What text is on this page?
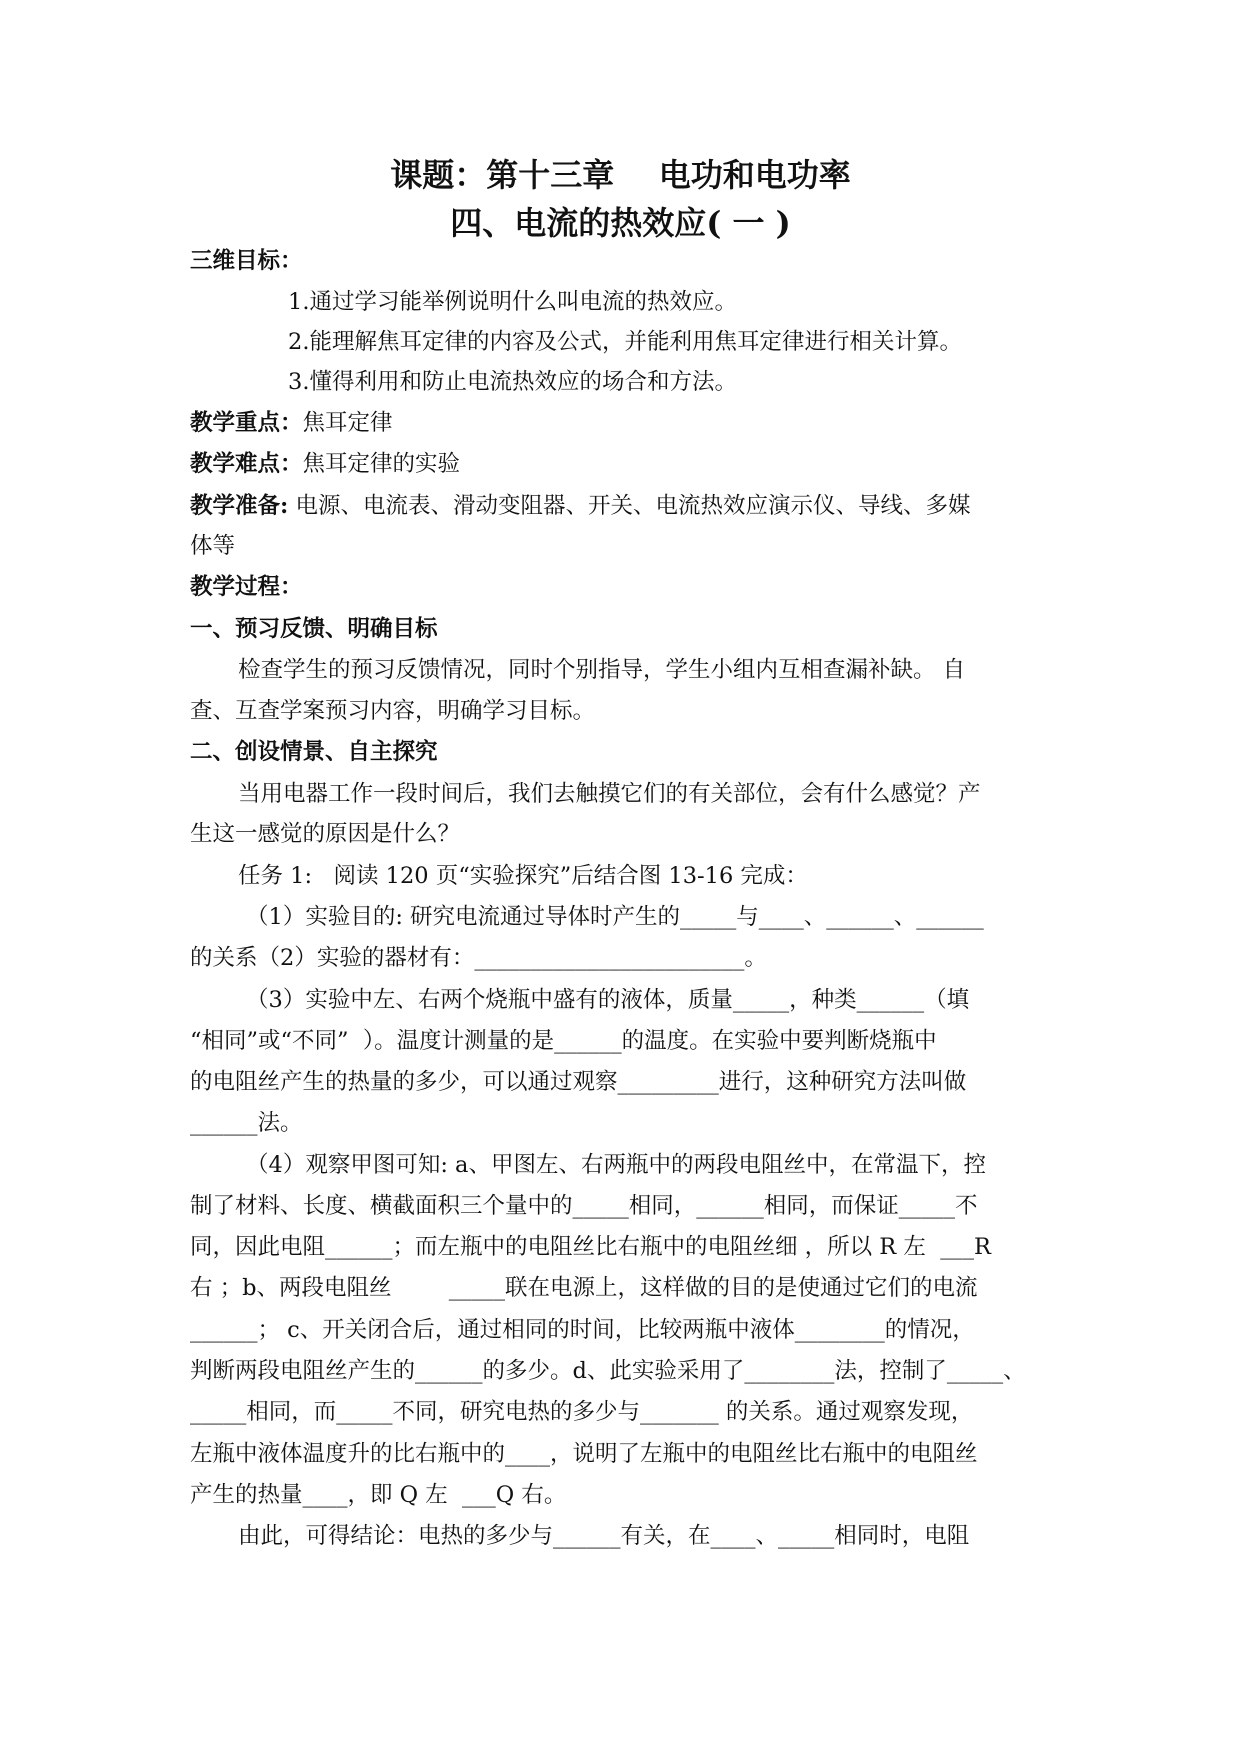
课题：第十三章    电功和电功率
四、电流的热效应( 一 )
三维目标：
1.通过学习能举例说明什么叫电流的热效应。
2.能理解焦耳定律的内容及公式，并能利用焦耳定律进行相关计算。
3.懂得利用和防止电流热效应的场合和方法。
教学重点：焦耳定律
教学难点：焦耳定律的实验
教学准备: 电源、电流表、滑动变阻器、开关、电流热效应演示仪、导线、多媒
体等
教学过程：
一、预习反馈、明确目标
检查学生的预习反馈情况，同时个别指导，学生小组内互相查漏补缺。 自
查、互查学案预习内容，明确学习目标。
二、创设情景、自主探究
当用电器工作一段时间后，我们去触摸它们的有关部位，会有什么感觉？产
生这一感觉的原因是什么？
任务 1:   阅读 120 页“实验探究”后结合图 13-16 完成：
（1）实验目的: 研究电流通过导体时产生的_____与____、______、______
的关系（2）实验的器材有：________________________。
（3）实验中左、右两个烧瓶中盛有的液体，质量_____，种类______（填
“相同”或“不同”  ）。温度计测量的是______的温度。在实验中要判断烧瓶中
的电阻丝产生的热量的多少，可以通过观察_________进行，这种研究方法叫做
______法。
（4）观察甲图可知: a、甲图左、右两瓶中的两段电阻丝中，在常温下，控
制了材料、长度、横截面积三个量中的_____相同，______相同，而保证_____不
同，因此电阻______；而左瓶中的电阻丝比右瓶中的电阻丝细 ，所以 R 左  ___R
右 ；b、两段电阻丝        _____联在电源上，这样做的目的是使通过它们的电流
______； c、开关闭合后，通过相同的时间，比较两瓶中液体________的情况，
判断两段电阻丝产生的______的多少。d、此实验采用了________法，控制了_____、
_____相同，而_____不同，研究电热的多少与_______ 的关系。通过观察发现，
左瓶中液体温度升的比右瓶中的____，说明了左瓶中的电阻丝比右瓶中的电阻丝
产生的热量____，即 Q 左  ___Q 右。
由此，可得结论：电热的多少与______有关，在____、_____相同时，电阻
